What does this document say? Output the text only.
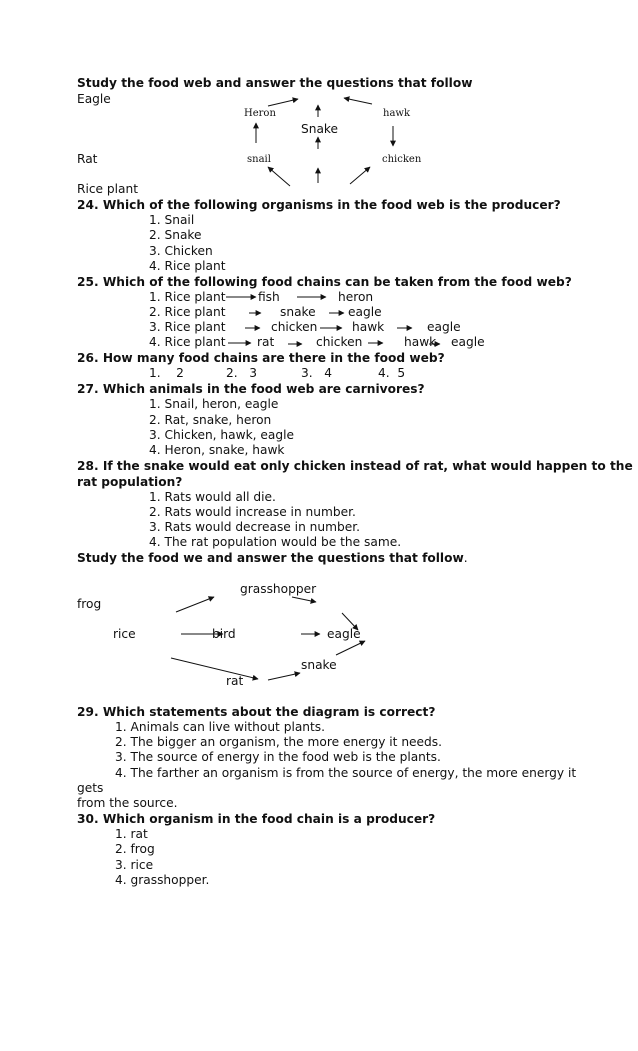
Study the food web and answer the questions that follow
Eagle
Heron	hawk
Snake
Rat	snail	chicken
Rice plant
24. Which of the following organisms in the food web is the producer?
1. Snail
2. Snake
3. Chicken
4. Rice plant
25. Which of the following food chains can be taken from the food web?
1. Rice plant	fish	heron
2. Rice plant	snake	eagle
3. Rice plant	chicken	hawk	eagle
4. Rice plant	rat	chicken	hawk eagle
26. How many food chains are there in the food web?
1.    2	2.   3	3.   4	4.  5
27. Which animals in the food web are carnivores?
1. Snail, heron, eagle
2. Rat, snake, heron
3. Chicken, hawk, eagle
4. Heron, snake, hawk
28. If the snake would eat only chicken instead of rat, what would happen to the
rat population?
1. Rats would all die.
2. Rats would increase in number.
3. Rats would decrease in number.
4. The rat population would be the same.
Study the food we and answer the questions that follow.
grasshopper
frog
rice	bird	eagle
snake
rat
29. Which statements about the diagram is correct?
1. Animals can live without plants.
2. The bigger an organism, the more energy it needs.
3. The source of energy in the food web is the plants.
4. The farther an organism is from the source of energy, the more energy it
gets
from the source.
30. Which organism in the food chain is a producer?
1. rat
2. frog
3. rice
4. grasshopper.
